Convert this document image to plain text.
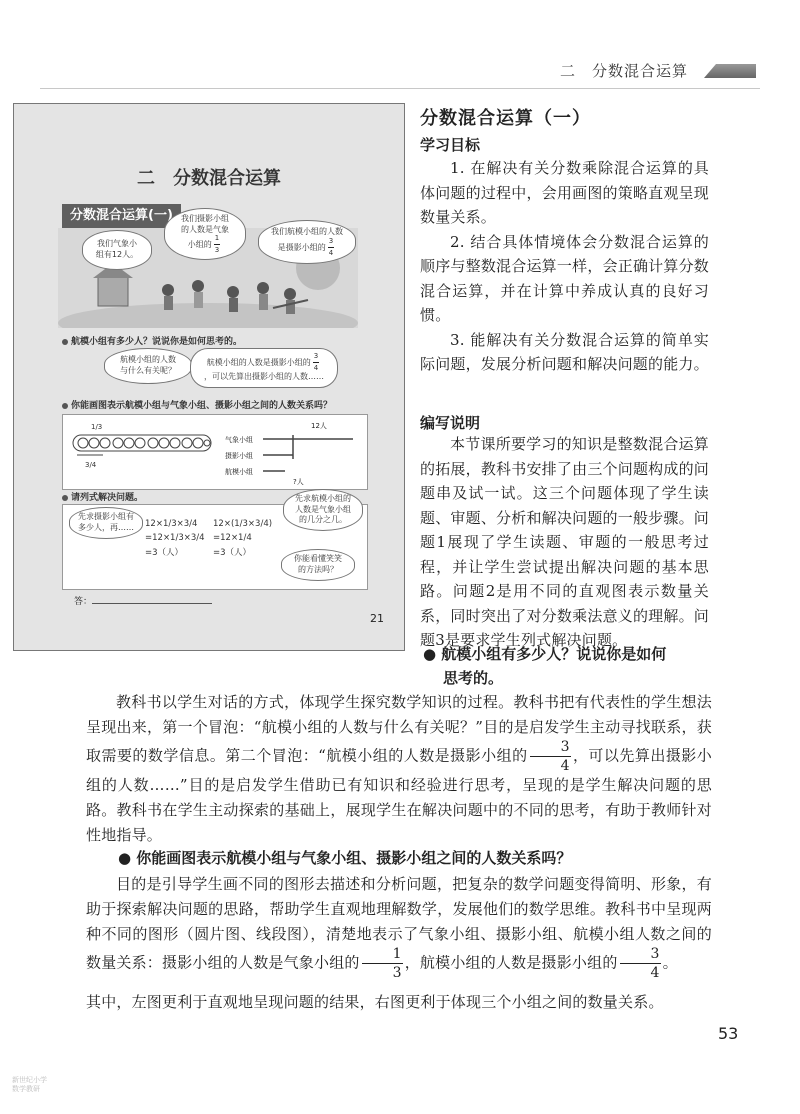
二　分数混合运算
二　分数混合运算
分数混合运算(一)
我们气象小
组有12人。
我们摄影小组
的人数是气象
小组的 $\frac{1}{3}$
我们航模小组的人数
是摄影小组的 $\frac{3}{4}$
航模小组有多少人？说说你是如何思考的。
航模小组的人数
与什么有关呢？
航模小组的人数是摄影小组的 $\frac{3}{4}$

，可以先算出摄影小组的人数……
你能画图表示航模小组与气象小组、摄影小组之间的人数关系吗？
1/3
3/4
气象小组
摄影小组
航模小组
12人
?人
请列式解决问题。
先求摄影小组有
多少人，再…… 12×1/3×3/4
=12×1/3×3/4
=3（人）
12×(1/3×3/4)
=12×1/4
=3（人）
先求航模小组的
人数是气象小组
的几分之几。
你能看懂笑笑
的方法吗？
答：
21
分数混合运算（一）
学习目标
1. 在解决有关分数乘除混合运算的具体问题的过程中，会用画图的策略直观呈现数量关系。
2. 结合具体情境体会分数混合运算的顺序与整数混合运算一样，会正确计算分数混合运算，并在计算中养成认真的良好习惯。
3. 能解决有关分数混合运算的简单实际问题，发展分析问题和解决问题的能力。
编写说明
本节课所要学习的知识是整数混合运算的拓展，教科书安排了由三个问题构成的问题串及试一试。这三个问题体现了学生读题、审题、分析和解决问题的一般步骤。问题1展现了学生读题、审题的一般思考过程，并让学生尝试提出解决问题的基本思路。问题2是用不同的直观图表示数量关系，同时突出了对分数乘法意义的理解。问题3是要求学生列式解决问题。
● 航模小组有多少人？说说你是如何
思考的。
教科书以学生对话的方式，体现学生探究数学知识的过程。教科书把有代表性的学生想法呈现出来，第一个冒泡：“航模小组的人数与什么有关呢？”目的是启发学生主动寻找联系，获取需要的数学信息。第二个冒泡：“航模小组的人数是摄影小组的 $\frac{3}{4}$ ，可以先算出摄影小组的人数……”目的是启发学生借助已有知识和经验进行思考，呈现的是学生解决问题的思路。教科书在学生主动探索的基础上，展现学生在解决问题中的不同的思考，有助于教师针对性地指导。
● 你能画图表示航模小组与气象小组、摄影小组之间的人数关系吗？
目的是引导学生画不同的图形去描述和分析问题，把复杂的数学问题变得简明、形象，有助于探索解决问题的思路，帮助学生直观地理解数学，发展他们的数学思维。教科书中呈现两种不同的图形（圆片图、线段图），清楚地表示了气象小组、摄影小组、航模小组人数之间的数量关系：摄影小组的人数是气象小组的 $\frac{1}{3}$ ，航模小组的人数是摄影小组的 $\frac{3}{4}$ 。
其中，左图更利于直观地呈现问题的结果，右图更利于体现三个小组之间的数量关系。
53
新世纪小学
数学教研
